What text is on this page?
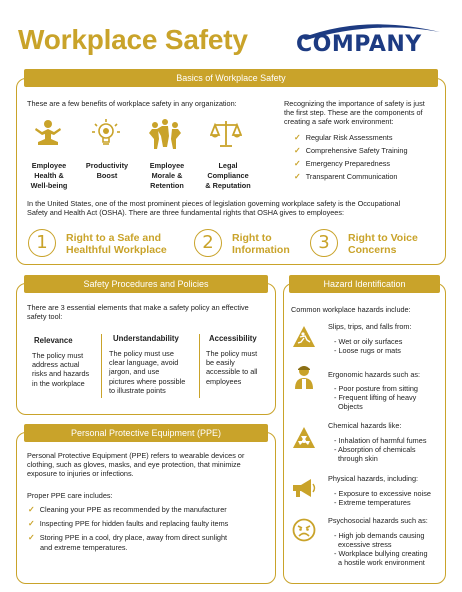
Workplace Safety COMPANY
Basics of Workplace Safety
These are a few benefits of workplace safety in any organization:
Employee
Health &
Well-being
Productivity
Boost
Employee
Morale &
Retention
Legal
Compliance
& Reputation
Recognizing the importance of safety is just
the first step. These are the components of
creating a safe work environment:
✓ Regular Risk Assessments
✓ Comprehensive Safety Training
✓ Emergency Preparedness
✓ Transparent Communication
In the United States, one of the most prominent pieces of legislation governing workplace safety is the Occupational
Safety and Health Act (OSHA). There are three fundamental rights that OSHA gives to employees:
1	Right to a Safe and
Healthful Workplace	2	Right to
Information	3	Right to Voice
Concerns
Safety Procedures and Policies
There are 3 essential elements that make a safety policy an effective
safety tool:
Relevance
The policy must
address actual
risks and hazards
in the workplace
Understandability
The policy must use
clear language, avoid
jargon, and use
pictures where possible
to illustrate points
Accessibility
The policy must
be easily
accessible to all
employees
Personal Protective Equipment (PPE)
Personal Protective Equipment (PPE) refers to wearable devices or
clothing, such as gloves, masks, and eye protection, that minimize
exposure to injuries or infections.
Proper PPE care includes:
✓ Cleaning your PPE as recommended by the manufacturer
✓ Inspecting PPE for hidden faults and replacing faulty items
✓ Storing PPE in a cool, dry place, away from direct sunlight
and extreme temperatures.
Hazard Identification
Common workplace hazards include:
Slips, trips, and falls from:
- Wet or oily surfaces
- Loose rugs or mats
Ergonomic hazards such as:
- Poor posture from sitting
- Frequent lifting of heavy
Objects
Chemical hazards like:
- Inhalation of harmful fumes
- Absorption of chemicals
through skin
Physical hazards, including:
- Exposure to excessive noise
- Extreme temperatures
Psychosocial hazards such as:
- High job demands causing
excessive stress
- Workplace bullying creating
a hostile work environment
